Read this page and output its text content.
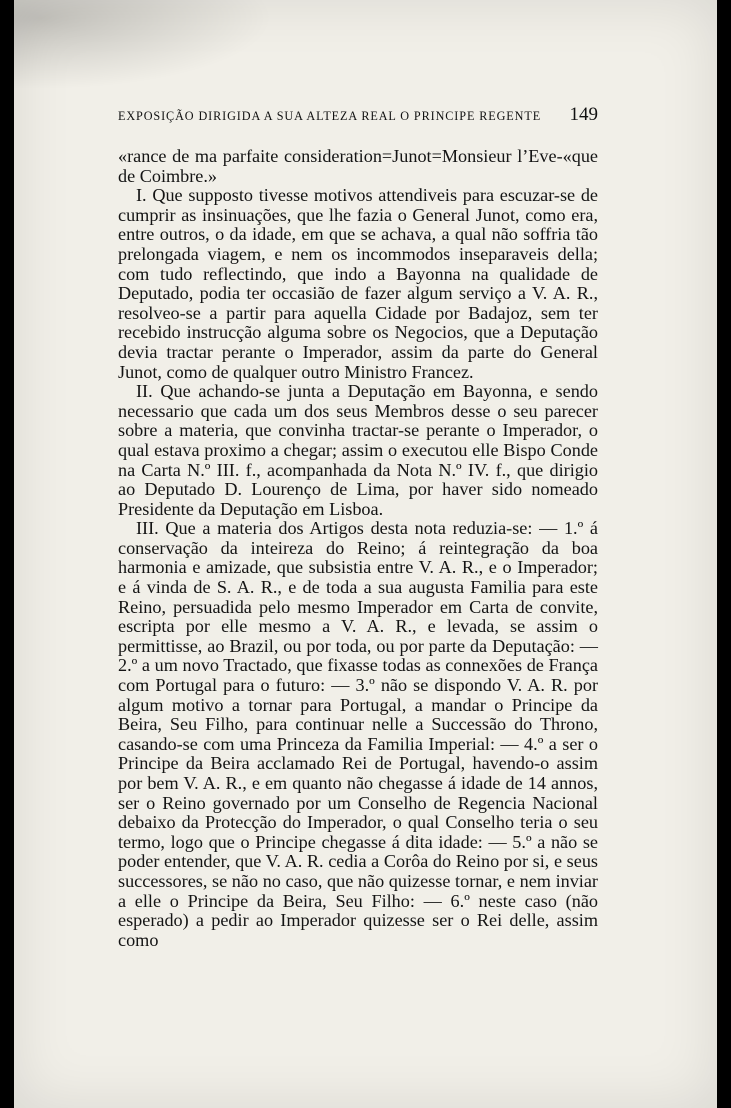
EXPOSIÇÃO DIRIGIDA A SUA ALTEZA REAL O PRINCIPE REGENTE 149

«rance de ma parfaite consideration=Junot=Monsieur l’Eve-«que de Coimbre.»

I. Que supposto tivesse motivos attendiveis para escuzar-se de cumprir as insinuações, que lhe fazia o General Junot, como era, entre outros, o da idade, em que se achava, a qual não soffria tão prelongada viagem, e nem os incommodos inseparaveis della; com tudo reflectindo, que indo a Bayonna na qualidade de Deputado, podia ter occasião de fazer algum serviço a V. A. R., resolveo-se a partir para aquella Cidade por Badajoz, sem ter recebido instrucção alguma sobre os Negocios, que a Deputação devia tractar perante o Imperador, assim da parte do General Junot, como de qualquer outro Ministro Francez.

II. Que achando-se junta a Deputação em Bayonna, e sendo necessario que cada um dos seus Membros desse o seu parecer sobre a materia, que convinha tractar-se perante o Imperador, o qual estava proximo a chegar; assim o executou elle Bispo Conde na Carta N.º III. f., acompanhada da Nota N.º IV. f., que dirigio ao Deputado D. Lourenço de Lima, por haver sido nomeado Presidente da Deputação em Lisboa.

III. Que a materia dos Artigos desta nota reduzia-se: — 1.º á conservação da inteireza do Reino; á reintegração da boa harmonia e amizade, que subsistia entre V. A. R., e o Imperador; e á vinda de S. A. R., e de toda a sua augusta Familia para este Reino, persuadida pelo mesmo Imperador em Carta de convite, escripta por elle mesmo a V. A. R., e levada, se assim o permittisse, ao Brazil, ou por toda, ou por parte da Deputação: — 2.º a um novo Tractado, que fixasse todas as connexões de França com Portugal para o futuro: — 3.º não se dispondo V. A. R. por algum motivo a tornar para Portugal, a mandar o Principe da Beira, Seu Filho, para continuar nelle a Successão do Throno, casando-se com uma Princeza da Familia Imperial: — 4.º a ser o Principe da Beira acclamado Rei de Portugal, havendo-o assim por bem V. A. R., e em quanto não chegasse á idade de 14 annos, ser o Reino governado por um Conselho de Regencia Nacional debaixo da Protecção do Imperador, o qual Conselho teria o seu termo, logo que o Principe chegasse á dita idade: — 5.º a não se poder entender, que V. A. R. cedia a Corôa do Reino por si, e seus successores, se não no caso, que não quizesse tornar, e nem inviar a elle o Principe da Beira, Seu Filho: — 6.º neste caso (não esperado) a pedir ao Imperador quizesse ser o Rei delle, assim como
